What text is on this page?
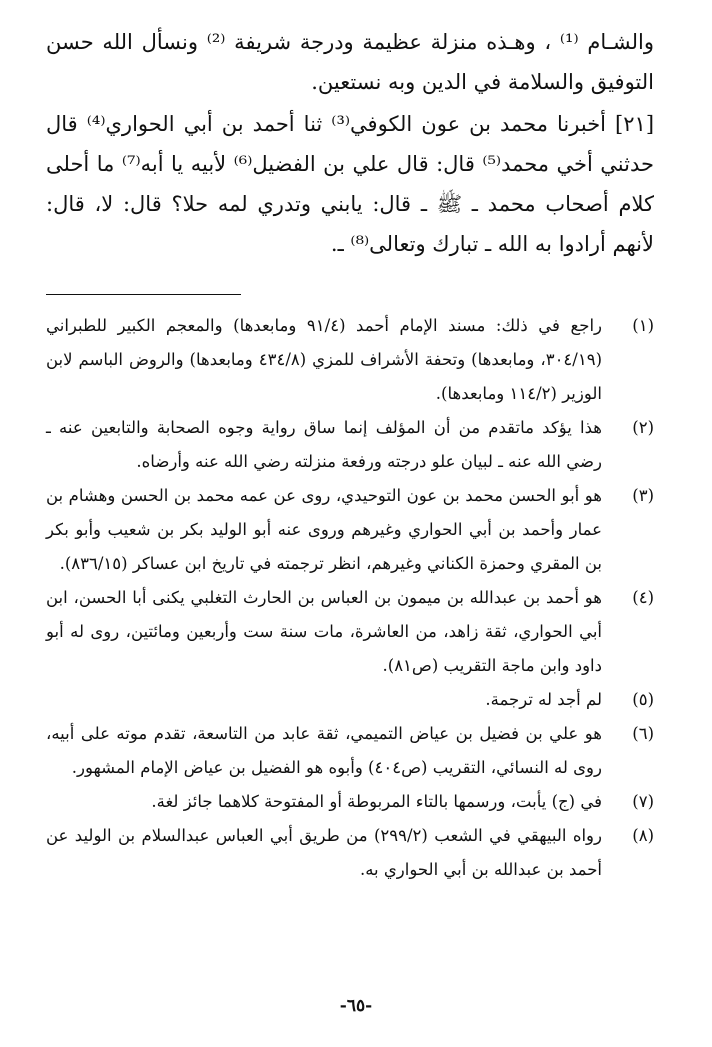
والشـام ⁽¹⁾ ، وهـذه منزلة عظيمة ودرجة شريفة ⁽²⁾ ونسأل الله حسن التوفيق والسلامة في الدين وبه نستعين.

[٢١] أخبرنا محمد بن عون الكوفي⁽³⁾ ثنا أحمد بن أبي الحواري⁽⁴⁾ قال حدثني أخي محمد⁽⁵⁾ قال: قال علي بن الفضيل⁽⁶⁾ لأبيه يا أبه⁽⁷⁾ ما أحلى كلام أصحاب محمد ـ ﷺ ـ قال: يابني وتدري لمه حلا؟ قال: لا، قال: لأنهم أرادوا به الله ـ تبارك وتعالى⁽⁸⁾ ـ.

(١)
راجع في ذلك: مسند الإمام أحمد (٩١/٤ ومابعدها) والمعجم الكبير للطبراني (٣٠٤/١٩، ومابعدها) وتحفة الأشراف للمزي (٤٣٤/٨ ومابعدها) والروض الباسم لابن الوزير (١١٤/٢ ومابعدها).
(٢)
هذا يؤكد ماتقدم من أن المؤلف إنما ساق رواية وجوه الصحابة والتابعين عنه ـ رضي الله عنه ـ لبيان علو درجته ورفعة منزلته رضي الله عنه وأرضاه.
(٣)
هو أبو الحسن محمد بن عون التوحيدي، روى عن عمه محمد بن الحسن وهشام بن عمار وأحمد بن أبي الحواري وغيرهم وروى عنه أبو الوليد بكر بن شعيب وأبو بكر بن المقري وحمزة الكناني وغيرهم، انظر ترجمته في تاريخ ابن عساكر (٨٣٦/١٥).
(٤)
هو أحمد بن عبدالله بن ميمون بن العباس بن الحارث التغلبي يكنى أبا الحسن، ابن أبي الحواري، ثقة زاهد، من العاشرة، مات سنة ست وأربعين ومائتين، روى له أبو داود وابن ماجة التقريب (ص٨١).
(٥)
لم أجد له ترجمة.
(٦)
هو علي بن فضيل بن عياض التميمي، ثقة عابد من التاسعة، تقدم موته على أبيه، روى له النسائي، التقريب (ص٤٠٤) وأبوه هو الفضيل بن عياض الإمام المشهور.
(٧)
في (ج) يأبت، ورسمها بالتاء المربوطة أو المفتوحة كلاهما جائز لغة.
(٨)
رواه البيهقي في الشعب (٢٩٩/٢) من طريق أبي العباس عبدالسلام بن الوليد عن أحمد بن عبدالله بن أبي الحواري به.
-٦٥-
